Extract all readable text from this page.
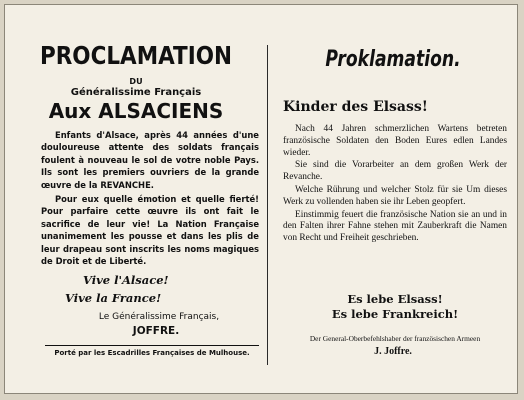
PROCLAMATION
DU
Généralissime Français
Aux ALSACIENS

Enfants d'Alsace, après 44 années d'une douloureuse attente des soldats français foulent à nouveau le sol de votre noble Pays. Ils sont les premiers ouvriers de la grande œuvre de la REVANCHE.

Pour eux quelle émotion et quelle fierté! Pour parfaire cette œuvre ils ont fait le sacrifice de leur vie! La Nation Française unanimement les pousse et dans les plis de leur drapeau sont inscrits les noms magiques de Droit et de Liberté.

Vive l'Alsace!
Vive la France!
Le Généralissime Français,
JOFFRE.
Porté par les Escadrilles Françaises de Mulhouse.
Proklamation.
Kinder des Elsass!

Nach 44 Jahren schmerzlichen Wartens betreten französische Soldaten den Boden Eures edlen Landes wieder.

Sie sind die Vorarbeiter an dem großen Werk der Revanche.

Welche Rührung und welcher Stolz für sie Um dieses Werk zu vollenden haben sie ihr Leben geopfert.

Einstimmig feuert die französische Nation sie an und in den Falten ihrer Fahne stehen mit Zauberkraft die Namen von Recht und Freiheit geschrieben.

Es lebe Elsass!
Es lebe Frankreich!
Der General-Oberbefehlshaber der französischen Armeen
J. Joffre.
